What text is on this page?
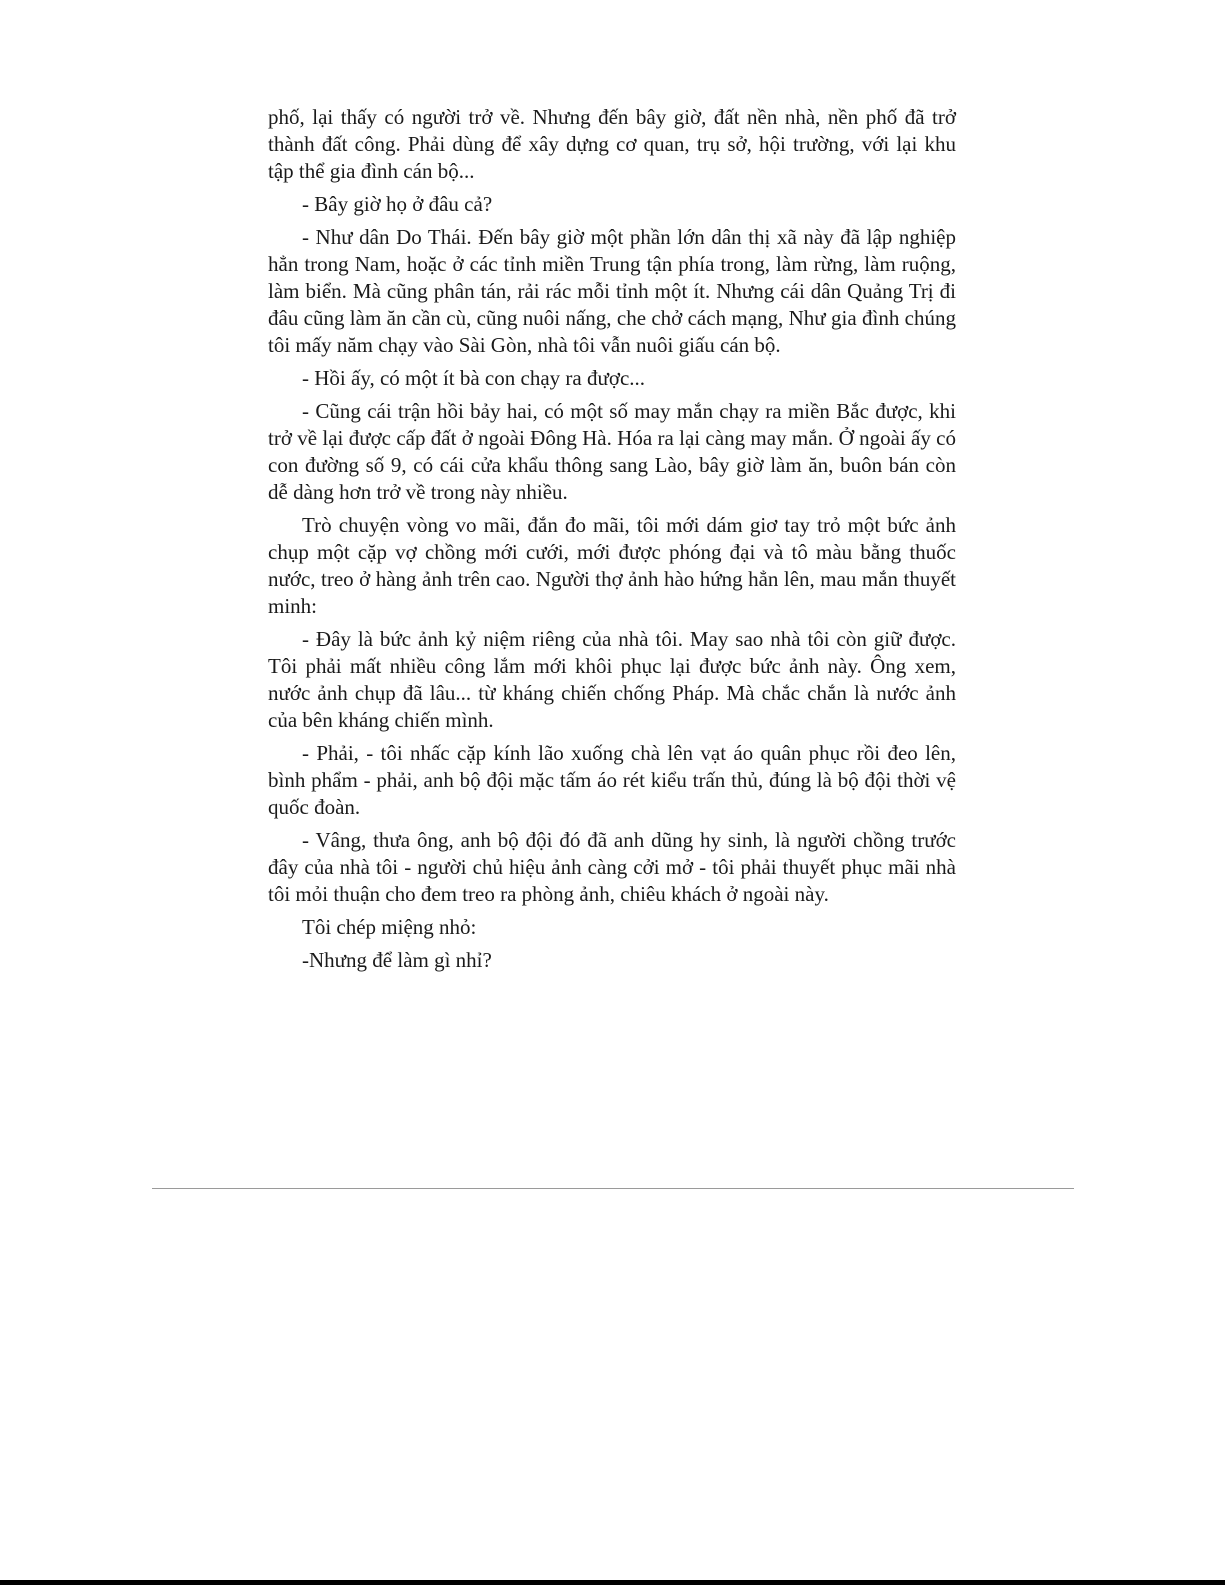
phố, lại thấy có người trở về. Nhưng đến bây giờ, đất nền nhà, nền phố đã trở thành đất công. Phải dùng để xây dựng cơ quan, trụ sở, hội trường, với lại khu tập thể gia đình cán bộ...

- Bây giờ họ ở đâu cả?

- Như dân Do Thái. Đến bây giờ một phần lớn dân thị xã này đã lập nghiệp hẳn trong Nam, hoặc ở các tỉnh miền Trung tận phía trong, làm rừng, làm ruộng, làm biển. Mà cũng phân tán, rải rác mỗi tỉnh một ít. Nhưng cái dân Quảng Trị đi đâu cũng làm ăn cần cù, cũng nuôi nấng, che chở cách mạng, Như gia đình chúng tôi mấy năm chạy vào Sài Gòn, nhà tôi vẫn nuôi giấu cán bộ.

- Hồi ấy, có một ít bà con chạy ra được...

- Cũng cái trận hồi bảy hai, có một số may mắn chạy ra miền Bắc được, khi trở về lại được cấp đất ở ngoài Đông Hà. Hóa ra lại càng may mắn. Ở ngoài ấy có con đường số 9, có cái cửa khẩu thông sang Lào, bây giờ làm ăn, buôn bán còn dễ dàng hơn trở về trong này nhiều.

Trò chuyện vòng vo mãi, đắn đo mãi, tôi mới dám giơ tay trỏ một bức ảnh chụp một cặp vợ chồng mới cưới, mới được phóng đại và tô màu bằng thuốc nước, treo ở hàng ảnh trên cao. Người thợ ảnh hào hứng hẳn lên, mau mắn thuyết minh:

- Đây là bức ảnh kỷ niệm riêng của nhà tôi. May sao nhà tôi còn giữ được. Tôi phải mất nhiều công lắm mới khôi phục lại được bức ảnh này. Ông xem, nước ảnh chụp đã lâu... từ kháng chiến chống Pháp. Mà chắc chắn là nước ảnh của bên kháng chiến mình.

- Phải, - tôi nhấc cặp kính lão xuống chà lên vạt áo quân phục rồi đeo lên, bình phẩm - phải, anh bộ đội mặc tấm áo rét kiểu trấn thủ, đúng là bộ đội thời vệ quốc đoàn.

- Vâng, thưa ông, anh bộ đội đó đã anh dũng hy sinh, là người chồng trước đây của nhà tôi - người chủ hiệu ảnh càng cởi mở - tôi phải thuyết phục mãi nhà tôi mỏi thuận cho đem treo ra phòng ảnh, chiêu khách ở ngoài này.

Tôi chép miệng nhỏ:

-Nhưng để làm gì nhỉ?
